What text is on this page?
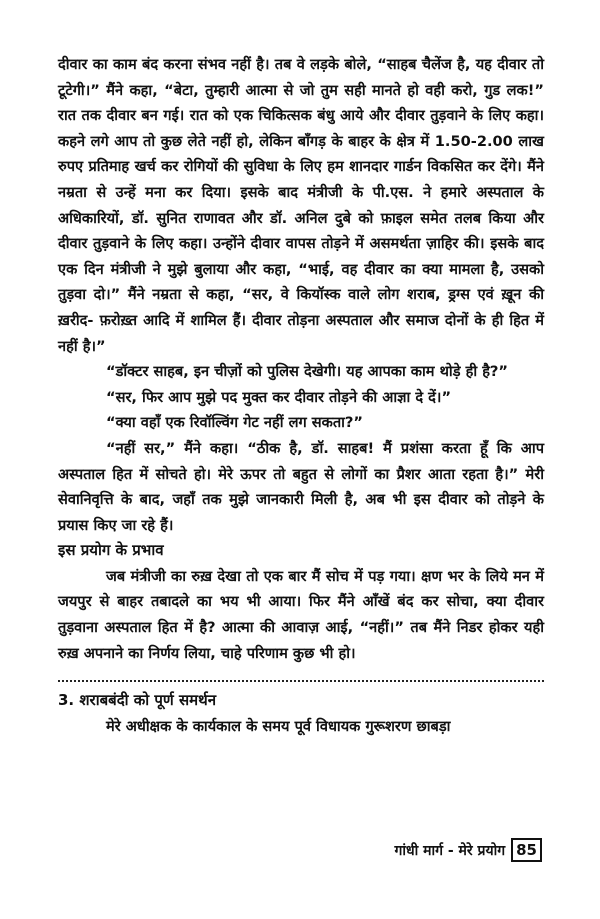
दीवार का काम बंद करना संभव नहीं है। तब वे लड़के बोले, “साहब चैलेंज है, यह दीवार तो टूटेगी।” मैंने कहा, “बेटा, तुम्हारी आत्मा से जो तुम सही मानते हो वही करो, गुड लक!” रात तक दीवार बन गई। रात को एक चिकित्सक बंधु आये और दीवार तुड़वाने के लिए कहा। कहने लगे आप तो कुछ लेते नहीं हो, लेकिन बाँगड़ के बाहर के क्षेत्र में 1.50-2.00 लाख रुपए प्रतिमाह खर्च कर रोगियों की सुविधा के लिए हम शानदार गार्डन विकसित कर देंगे। मैंने नम्रता से उन्हें मना कर दिया। इसके बाद मंत्रीजी के पी.एस. ने हमारे अस्पताल के अधिकारियों, डॉ. सुनित राणावत और डॉ. अनिल दुबे को फ़ाइल समेत तलब किया और दीवार तुड़वाने के लिए कहा। उन्होंने दीवार वापस तोड़ने में असमर्थता ज़ाहिर की। इसके बाद एक दिन मंत्रीजी ने मुझे बुलाया और कहा, “भाई, वह दीवार का क्या मामला है, उसको तुड़वा दो।” मैंने नम्रता से कहा, “सर, वे कियॉस्क वाले लोग शराब, ड्रग्स एवं ख़ून की ख़रीद- फ़रोख़्त आदि में शामिल हैं। दीवार तोड़ना अस्पताल और समाज दोनों के ही हित में नहीं है।”

“डॉक्टर साहब, इन चीज़ों को पुलिस देखेगी। यह आपका काम थोड़े ही है?”

“सर, फिर आप मुझे पद मुक्त कर दीवार तोड़ने की आज्ञा दे दें।”

“क्या वहाँ एक रिवॉल्विंग गेट नहीं लग सकता?”

“नहीं सर,” मैंने कहा। “ठीक है, डॉ. साहब! मैं प्रशंसा करता हूँ कि आप अस्पताल हित में सोचते हो। मेरे ऊपर तो बहुत से लोगों का प्रैशर आता रहता है।” मेरी सेवानिवृत्ति के बाद, जहाँ तक मुझे जानकारी मिली है, अब भी इस दीवार को तोड़ने के प्रयास किए जा रहे हैं।

इस प्रयोग के प्रभाव

जब मंत्रीजी का रुख़ देखा तो एक बार मैं सोच में पड़ गया। क्षण भर के लिये मन में जयपुर से बाहर तबादले का भय भी आया। फिर मैंने आँखें बंद कर सोचा, क्या दीवार तुड़वाना अस्पताल हित में है? आत्मा की आवाज़ आई, “नहीं।” तब मैंने निडर होकर यही रुख़ अपनाने का निर्णय लिया, चाहे परिणाम कुछ भी हो।

3. शराबबंदी को पूर्ण समर्थन

मेरे अधीक्षक के कार्यकाल के समय पूर्व विधायक गुरूशरण छाबड़ा

गांधी मार्ग - मेरे प्रयोग 85
